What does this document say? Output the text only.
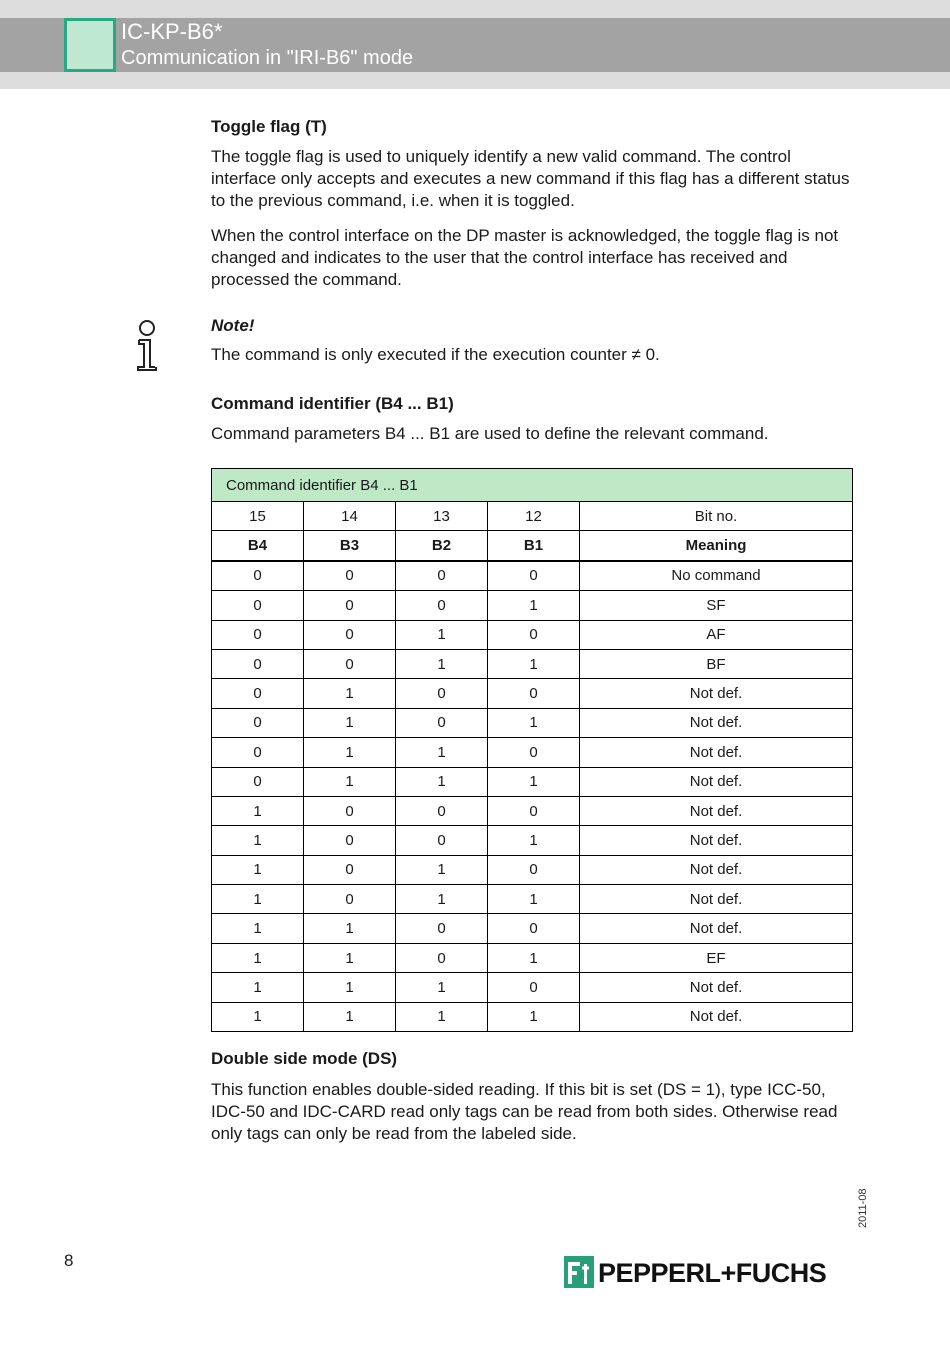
IC-KP-B6*
Communication in "IRI-B6" mode
Toggle flag (T)

The toggle flag is used to uniquely identify a new valid command. The control interface only accepts and executes a new command if this flag has a different status to the previous command, i.e. when it is toggled.

When the control interface on the DP master is acknowledged, the toggle flag is not changed and indicates to the user that the control interface has received and processed the command.

Note!

The command is only executed if the execution counter ≠ 0.

Command identifier (B4 ... B1)

Command parameters B4 ... B1 are used to define the relevant command.

Command identifier B4 ... B1				
15	14	13	12	Bit no.
B4	B3	B2	B1	Meaning
0	0	0	0	No command
0	0	0	1	SF
0	0	1	0	AF
0	0	1	1	BF
0	1	0	0	Not def.
0	1	0	1	Not def.
0	1	1	0	Not def.
0	1	1	1	Not def.
1	0	0	0	Not def.
1	0	0	1	Not def.
1	0	1	0	Not def.
1	0	1	1	Not def.
1	1	0	0	Not def.
1	1	0	1	EF
1	1	1	0	Not def.
1	1	1	1	Not def.
Double side mode (DS)

This function enables double-sided reading. If this bit is set (DS = 1), type ICC-50, IDC-50 and IDC-CARD read only tags can be read from both sides. Otherwise read only tags can only be read from the labeled side.

2011-08
8	PEPPERL+FUCHS
